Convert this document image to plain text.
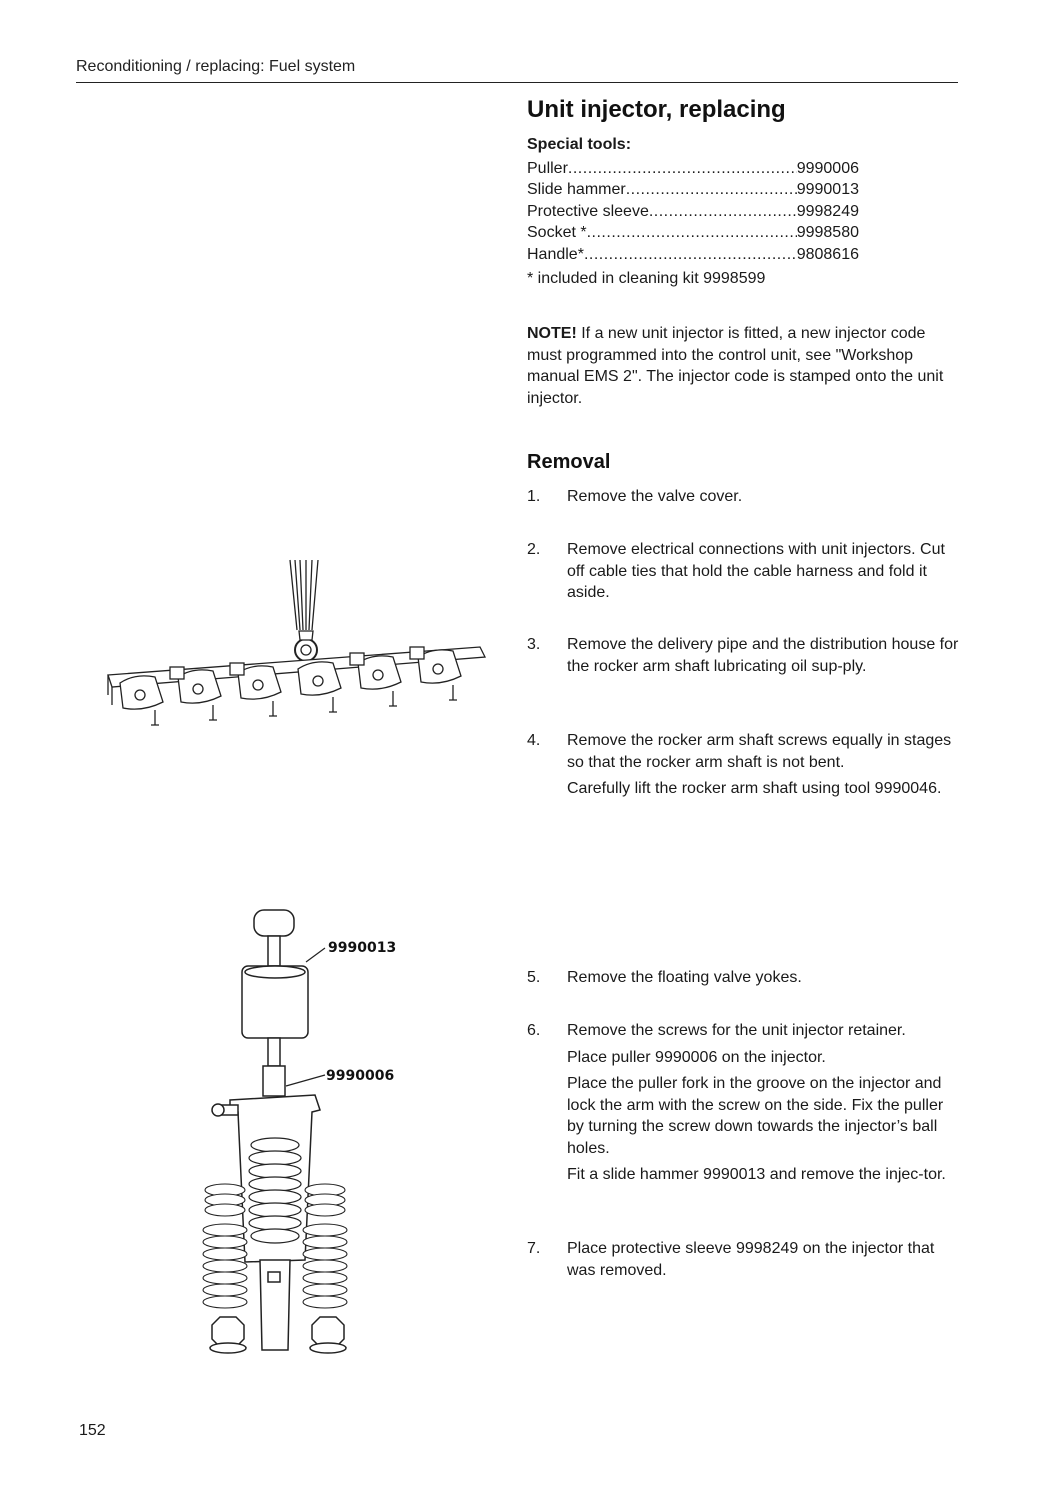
Reconditioning / replacing: Fuel system
Unit injector, replacing
Special tools:
Puller .....	9990006
Slide hammer .....	9990013
Protective sleeve .....	9998249
Socket * .....	9998580
Handle* .....	9808616
* included in cleaning kit 9998599
NOTE! If a new unit injector is fitted, a new injector code must programmed into the control unit, see "Workshop manual EMS 2". The injector code is stamped onto the unit injector.
Removal
1. Remove the valve cover.

2. Remove electrical connections with unit injectors. Cut off cable ties that hold the cable harness and fold it aside.

3. Remove the delivery pipe and the distribution house for the rocker arm shaft lubricating oil sup-ply.

4. Remove the rocker arm shaft screws equally in stages so that the rocker arm shaft is not bent.

Carefully lift the rocker arm shaft using tool 9990046.

5. Remove the floating valve yokes.

6. Remove the screws for the unit injector retainer.

Place puller 9990006 on the injector.

Place the puller fork in the groove on the injector and lock the arm with the screw on the side. Fix the puller by turning the screw down towards the injector’s ball holes.

Fit a slide hammer 9990013 and remove the injec-tor.

7. Place protective sleeve 9998249 on the injector that was removed.

9990013
9990006
152
